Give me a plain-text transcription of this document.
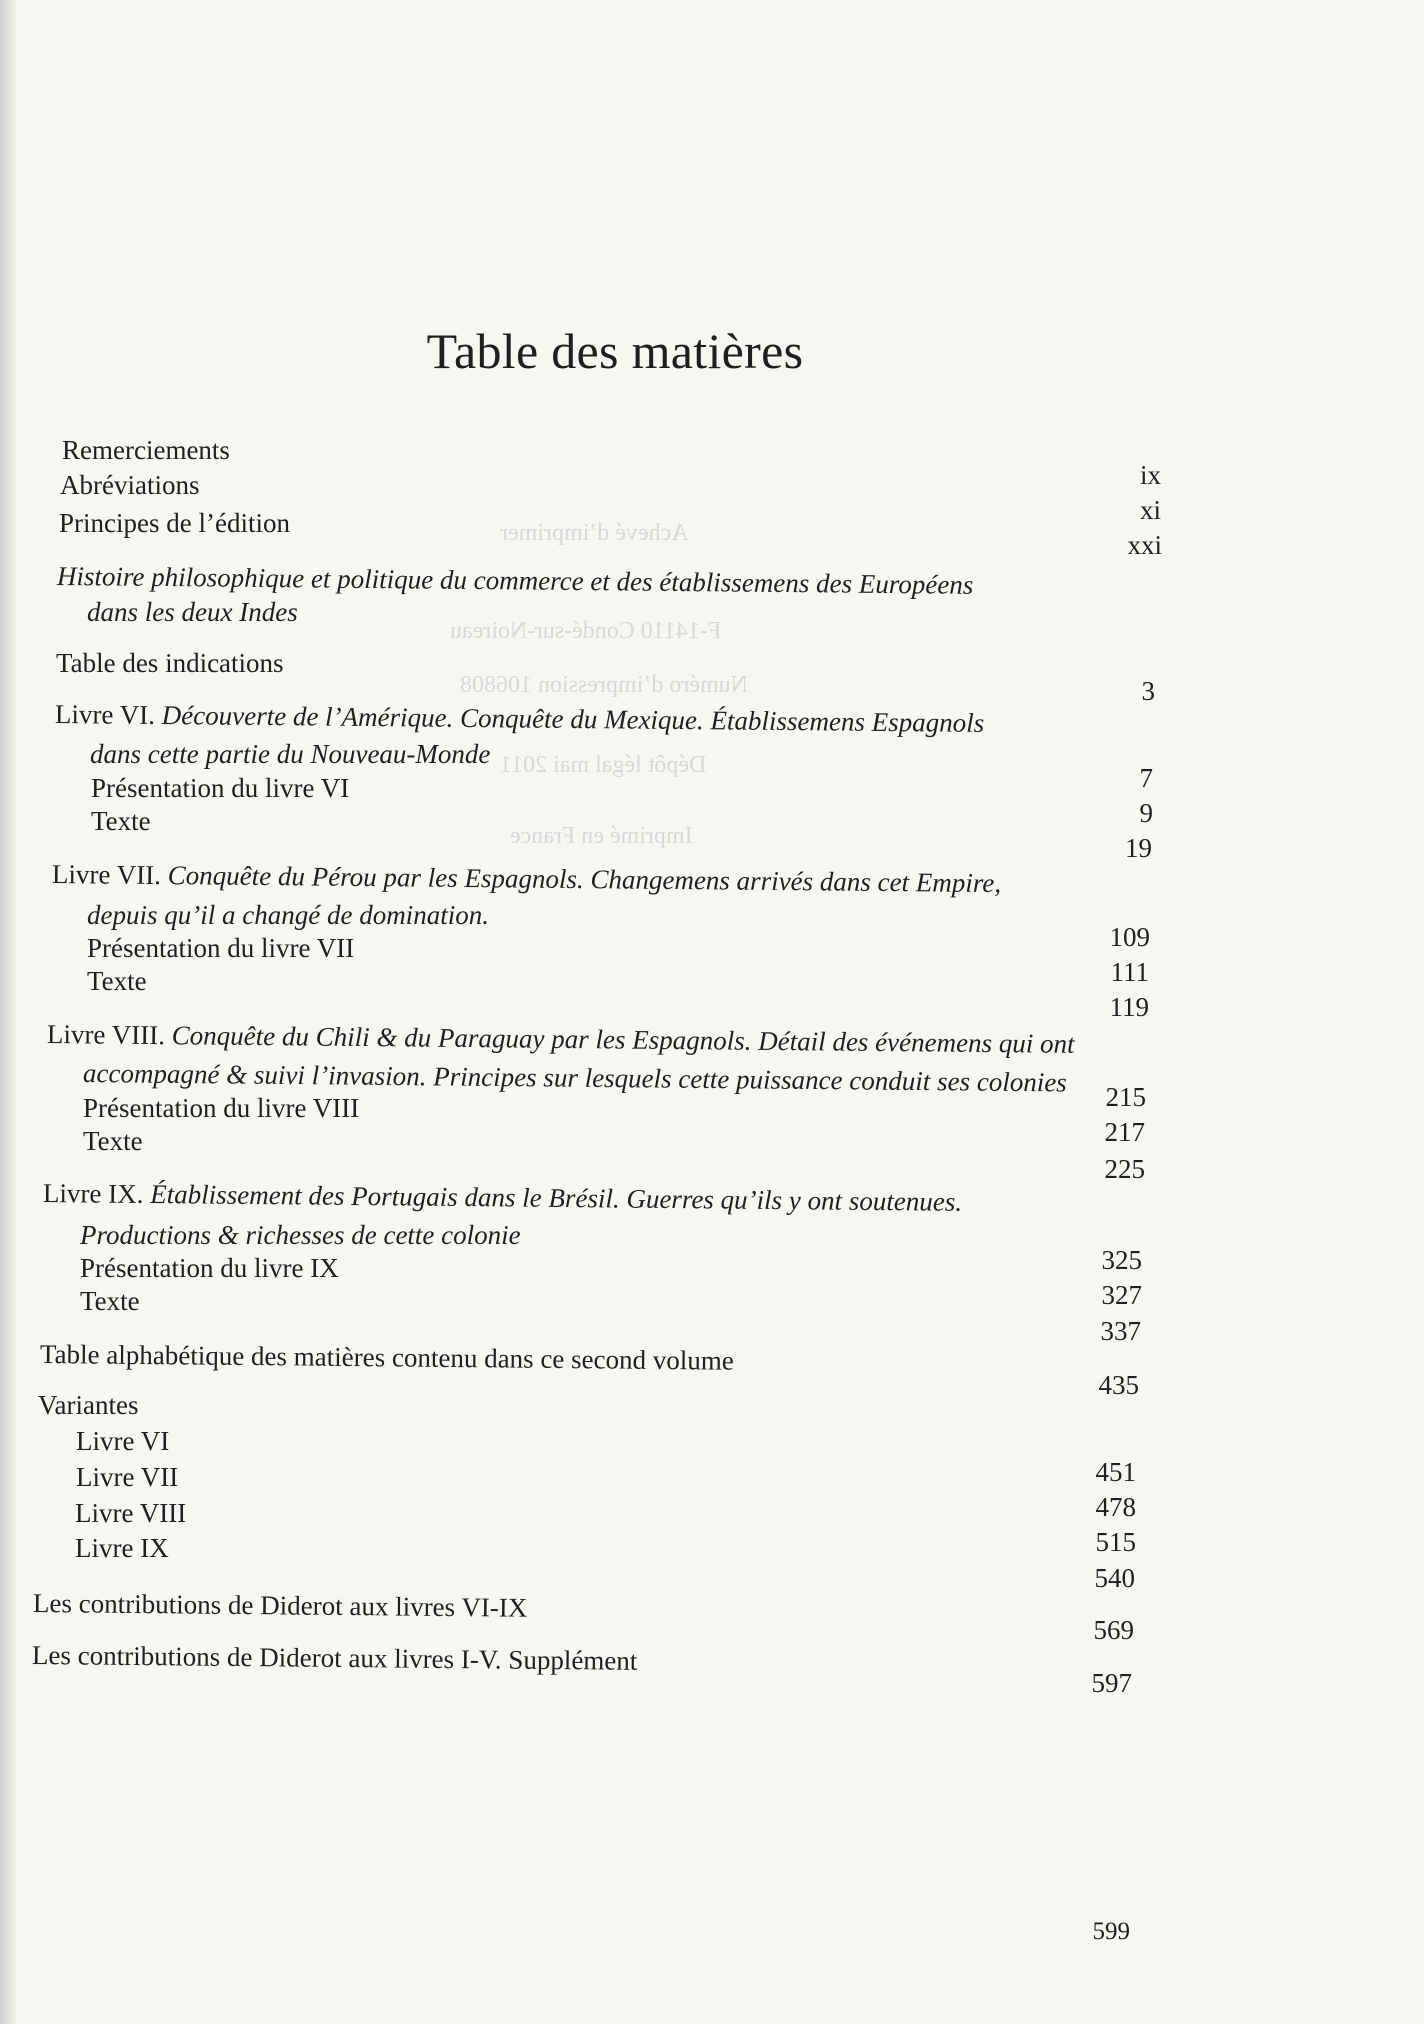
Achevé d’imprimer
F-14110 Condé-sur-Noireau
Numéro d’impression 106808
Dépôt légal mai 2011
Imprimé en France
Table des matières
Remerciements
Abréviations
Principes de l’édition
Histoire philosophique et politique du commerce et des établissemens des Européens
dans les deux Indes
Table des indications
Livre VI. Découverte de l’Amérique. Conquête du Mexique. Établissemens Espagnols
dans cette partie du Nouveau-Monde
Présentation du livre VI
Texte
Livre VII. Conquête du Pérou par les Espagnols. Changemens arrivés dans cet Empire,
depuis qu’il a changé de domination.
Présentation du livre VII
Texte
Livre VIII. Conquête du Chili & du Paraguay par les Espagnols. Détail des événemens qui ont
accompagné & suivi l’invasion. Principes sur lesquels cette puissance conduit ses colonies
Présentation du livre VIII
Texte
Livre IX. Établissement des Portugais dans le Brésil. Guerres qu’ils y ont soutenues.
Productions & richesses de cette colonie
Présentation du livre IX
Texte
Table alphabétique des matières contenu dans ce second volume
Variantes
Livre VI
Livre VII
Livre VIII
Livre IX
Les contributions de Diderot aux livres VI-IX
Les contributions de Diderot aux livres I-V. Supplément
ix
xi
xxi
3
7
9
19
109
111
119
215
217
225
325
327
337
435
451
478
515
540
569
597
599
